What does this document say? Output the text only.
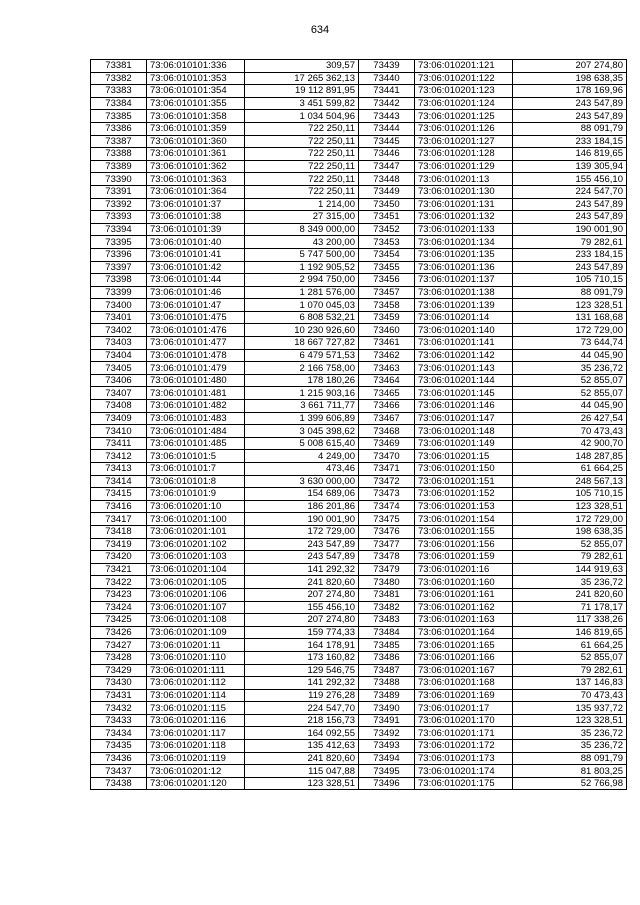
634
73381	73:06:010101:336	309,57
73382	73:06:010101:353	17 265 362,13
73383	73:06:010101:354	19 112 891,95
73384	73:06:010101:355	3 451 599,82
73385	73:06:010101:358	1 034 504,96
73386	73:06:010101:359	722 250,11
73387	73:06:010101:360	722 250,11
73388	73:06:010101:361	722 250,11
73389	73:06:010101:362	722 250,11
73390	73:06:010101:363	722 250,11
73391	73:06:010101:364	722 250,11
73392	73:06:010101:37	1 214,00
73393	73:06:010101:38	27 315,00
73394	73:06:010101:39	8 349 000,00
73395	73:06:010101:40	43 200,00
73396	73:06:010101:41	5 747 500,00
73397	73:06:010101:42	1 192 905,52
73398	73:06:010101:44	2 994 750,00
73399	73:06:010101:46	1 281 576,00
73400	73:06:010101:47	1 070 045,03
73401	73:06:010101:475	6 808 532,21
73402	73:06:010101:476	10 230 926,60
73403	73:06:010101:477	18 667 727,82
73404	73:06:010101:478	6 479 571,53
73405	73:06:010101:479	2 166 758,00
73406	73:06:010101:480	178 180,26
73407	73:06:010101:481	1 215 903,16
73408	73:06:010101:482	3 661 711,77
73409	73:06:010101:483	1 399 606,89
73410	73:06:010101:484	3 045 398,62
73411	73:06:010101:485	5 008 615,40
73412	73:06:010101:5	4 249,00
73413	73:06:010101:7	473,46
73414	73:06:010101:8	3 630 000,00
73415	73:06:010101:9	154 689,06
73416	73:06:010201:10	186 201,86
73417	73:06:010201:100	190 001,90
73418	73:06:010201:101	172 729,00
73419	73:06:010201:102	243 547,89
73420	73:06:010201:103	243 547,89
73421	73:06:010201:104	141 292,32
73422	73:06:010201:105	241 820,60
73423	73:06:010201:106	207 274,80
73424	73:06:010201:107	155 456,10
73425	73:06:010201:108	207 274,80
73426	73:06:010201:109	159 774,33
73427	73:06:010201:11	164 178,91
73428	73:06:010201:110	173 160,82
73429	73:06:010201:111	129 546,75
73430	73:06:010201:112	141 292,32
73431	73:06:010201:114	119 276,28
73432	73:06:010201:115	224 547,70
73433	73:06:010201:116	218 156,73
73434	73:06:010201:117	164 092,55
73435	73:06:010201:118	135 412,63
73436	73:06:010201:119	241 820,60
73437	73:06:010201:12	115 047,88
73438	73:06:010201:120	123 328,51
73439	73:06:010201:121	207 274,80
73440	73:06:010201:122	198 638,35
73441	73:06:010201:123	178 169,96
73442	73:06:010201:124	243 547,89
73443	73:06:010201:125	243 547,89
73444	73:06:010201:126	88 091,79
73445	73:06:010201:127	233 184,15
73446	73:06:010201:128	146 819,65
73447	73:06:010201:129	139 305,94
73448	73:06:010201:13	155 456,10
73449	73:06:010201:130	224 547,70
73450	73:06:010201:131	243 547,89
73451	73:06:010201:132	243 547,89
73452	73:06:010201:133	190 001,90
73453	73:06:010201:134	79 282,61
73454	73:06:010201:135	233 184,15
73455	73:06:010201:136	243 547,89
73456	73:06:010201:137	105 710,15
73457	73:06:010201:138	88 091,79
73458	73:06:010201:139	123 328,51
73459	73:06:010201:14	131 168,68
73460	73:06:010201:140	172 729,00
73461	73:06:010201:141	73 644,74
73462	73:06:010201:142	44 045,90
73463	73:06:010201:143	35 236,72
73464	73:06:010201:144	52 855,07
73465	73:06:010201:145	52 855,07
73466	73:06:010201:146	44 045,90
73467	73:06:010201:147	26 427,54
73468	73:06:010201:148	70 473,43
73469	73:06:010201:149	42 900,70
73470	73:06:010201:15	148 287,85
73471	73:06:010201:150	61 664,25
73472	73:06:010201:151	248 567,13
73473	73:06:010201:152	105 710,15
73474	73:06:010201:153	123 328,51
73475	73:06:010201:154	172 729,00
73476	73:06:010201:155	198 638,35
73477	73:06:010201:156	52 855,07
73478	73:06:010201:159	79 282,61
73479	73:06:010201:16	144 919,63
73480	73:06:010201:160	35 236,72
73481	73:06:010201:161	241 820,60
73482	73:06:010201:162	71 178,17
73483	73:06:010201:163	117 338,26
73484	73:06:010201:164	146 819,65
73485	73:06:010201:165	61 664,25
73486	73:06:010201:166	52 855,07
73487	73:06:010201:167	79 282,61
73488	73:06:010201:168	137 146,83
73489	73:06:010201:169	70 473,43
73490	73:06:010201:17	135 937,72
73491	73:06:010201:170	123 328,51
73492	73:06:010201:171	35 236,72
73493	73:06:010201:172	35 236,72
73494	73:06:010201:173	88 091,79
73495	73:06:010201:174	81 803,25
73496	73:06:010201:175	52 766,98
